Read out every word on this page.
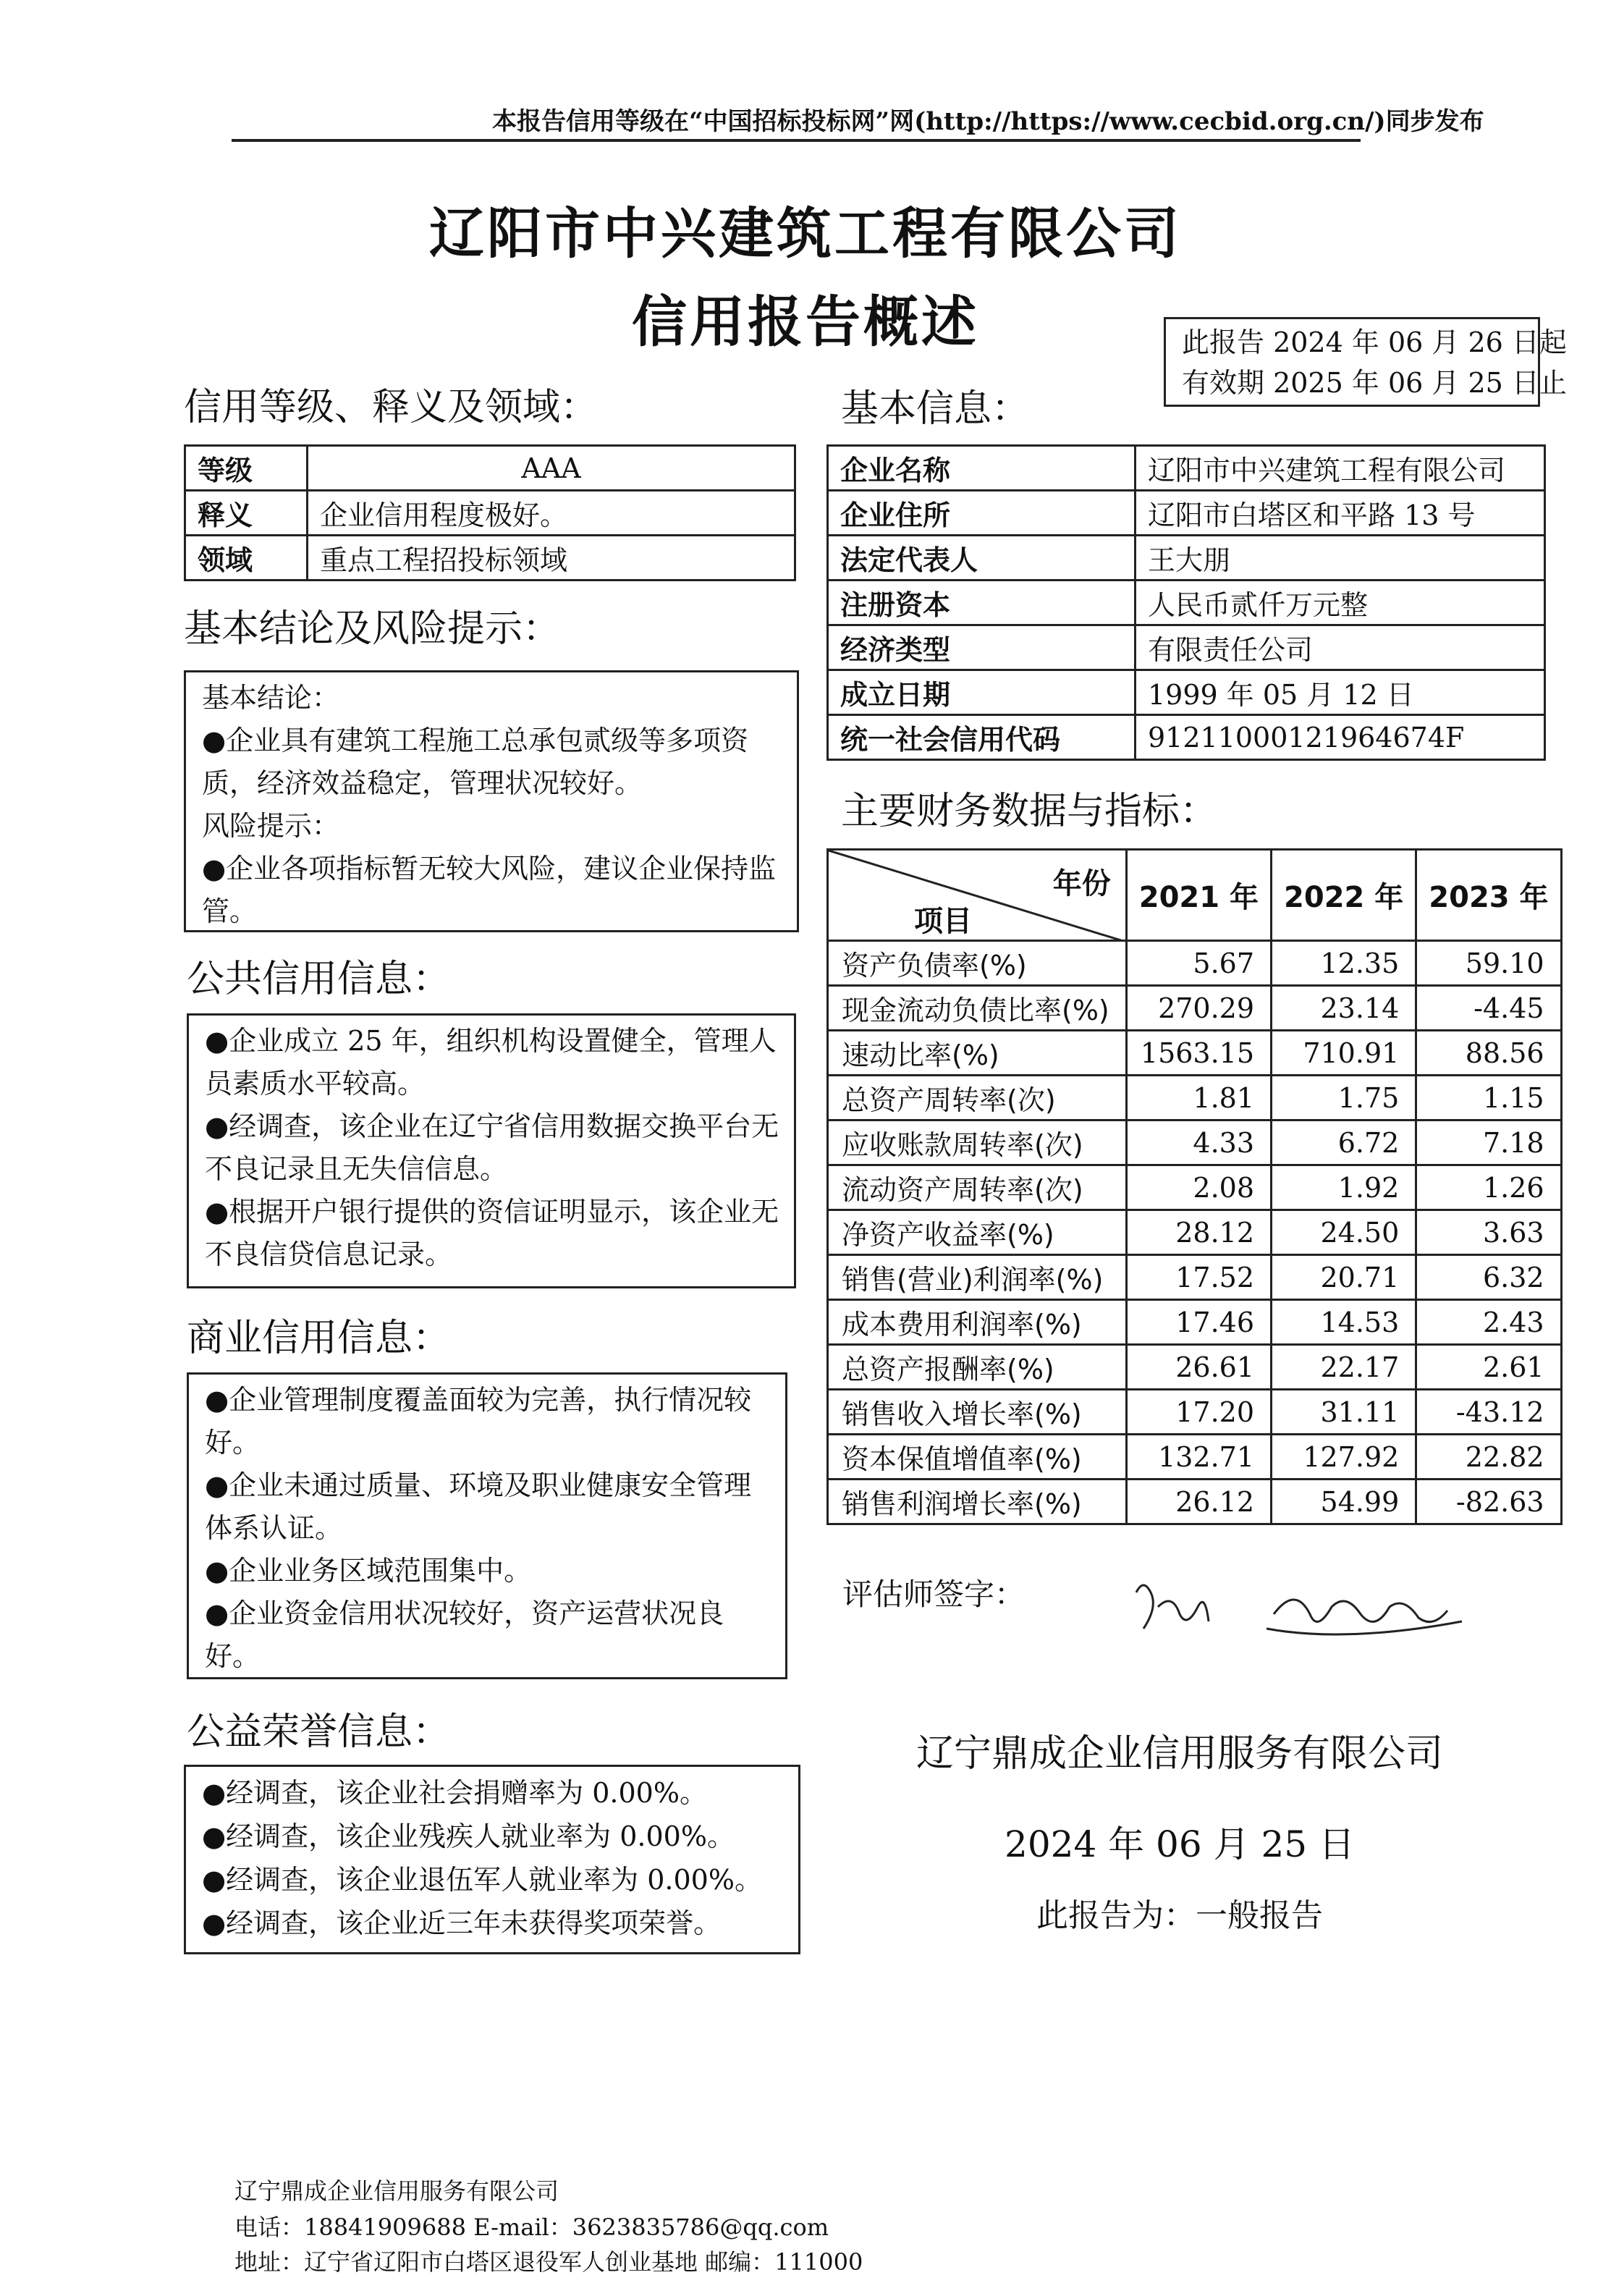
本报告信用等级在“中国招标投标网”网(http://https://www.cecbid.org.cn/)同步发布
辽阳市中兴建筑工程有限公司
信用报告概述	此报告 2024 年 06 月 26 日起
有效期 2025 年 06 月 25 日止
信用等级、释义及领域：
等级	AAA
释义	企业信用程度极好。
领域	重点工程招投标领域
基本结论及风险提示：

基本结论：

●企业具有建筑工程施工总承包贰级等多项资质，经济效益稳定，管理状况较好。

风险提示：

●企业各项指标暂无较大风险，建议企业保持监管。

公共信用信息：

●企业成立 25 年，组织机构设置健全，管理人员素质水平较高。

●经调查，该企业在辽宁省信用数据交换平台无不良记录且无失信信息。

●根据开户银行提供的资信证明显示，该企业无不良信贷信息记录。

商业信用信息：

●企业管理制度覆盖面较为完善，执行情况较好。

●企业未通过质量、环境及职业健康安全管理体系认证。

●企业业务区域范围集中。

●企业资金信用状况较好，资产运营状况良好。

公益荣誉信息：

●经调查，该企业社会捐赠率为 0.00%。

●经调查，该企业残疾人就业率为 0.00%。

●经调查，该企业退伍军人就业率为 0.00%。

●经调查，该企业近三年未获得奖项荣誉。

基本信息：
企业名称	辽阳市中兴建筑工程有限公司
企业住所	辽阳市白塔区和平路 13 号
法定代表人	王大朋
注册资本	人民币贰仟万元整
经济类型	有限责任公司
成立日期	1999 年 05 月 12 日
统一社会信用代码	91211000121964674F
主要财务数据与指标：
年份
项目	2021 年	2022 年	2023 年
资产负债率(%)	5.67	12.35	59.10
现金流动负债比率(%)	270.29	23.14	-4.45
速动比率(%)	1563.15	710.91	88.56
总资产周转率(次)	1.81	1.75	1.15
应收账款周转率(次)	4.33	6.72	7.18
流动资产周转率(次)	2.08	1.92	1.26
净资产收益率(%)	28.12	24.50	3.63
销售(营业)利润率(%)	17.52	20.71	6.32
成本费用利润率(%)	17.46	14.53	2.43
总资产报酬率(%)	26.61	22.17	2.61
销售收入增长率(%)	17.20	31.11	-43.12
资本保值增值率(%)	132.71	127.92	22.82
销售利润增长率(%)	26.12	54.99	-82.63
评估师签字：
辽宁鼎成企业信用服务有限公司
2024 年 06 月 25 日
此报告为：一般报告
辽宁鼎成企业信用服务有限公司
电话：18841909688 E-mail：3623835786@qq.com
地址：辽宁省辽阳市白塔区退役军人创业基地 邮编：111000
